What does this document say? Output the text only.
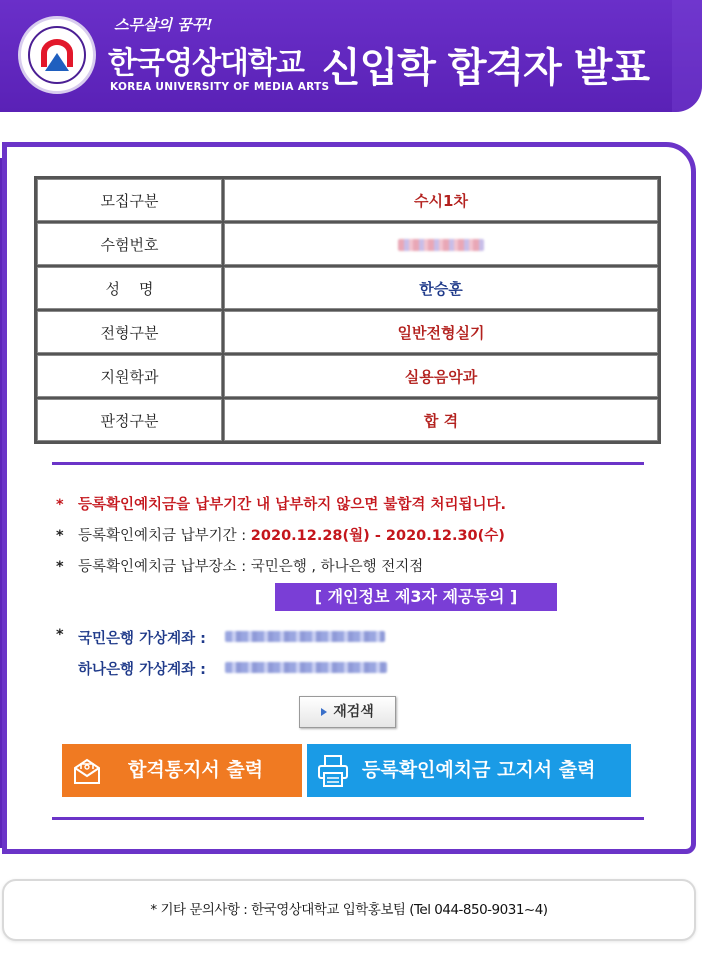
스무살의 꿈꾸!
한국영상대학교
KOREA UNIVERSITY OF MEDIA ARTS
신입학 합격자 발표
모집구분	수시1차
수험번호	
성    명	한승훈
전형구분	일반전형실기
지원학과	실용음악과
판정구분	합 격
* 등록확인예치금을 납부기간 내 납부하지 않으면 불합격 처리됩니다.
* 등록확인예치금 납부기간 : 2020.12.28(월) - 2020.12.30(수)
* 등록확인예치금 납부장소 : 국민은행 , 하나은행 전지점
[ 개인정보 제3자 제공동의 ]
* 국민은행 가상계좌 :
하나은행 가상계좌 :
재검색
합격통지서 출력	등록확인예치금 고지서 출력
* 기타 문의사항 : 한국영상대학교 입학홍보팀 (Tel 044-850-9031~4)
